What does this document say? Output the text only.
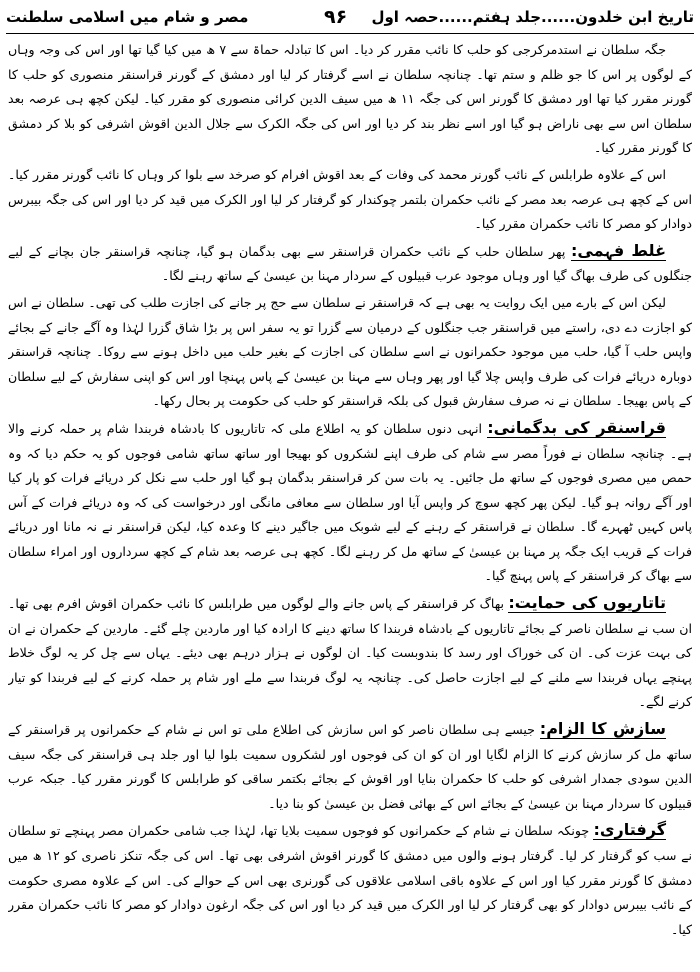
تاریخ ابن خلدون......جلد ہفتم......حصہ اول
۹۶
مصر و شام میں اسلامی سلطنت

جگہ سلطان نے استدمرکرجی کو حلب کا نائب مقرر کر دیا۔ اس کا تبادلہ حماۃ سے ۷ ھ میں کیا گیا تھا اور اس کی وجہ وہاں کے لوگوں پر اس کا جو ظلم و ستم تھا۔ چنانچہ سلطان نے اسے گرفتار کر لیا اور دمشق کے گورنر قراسنقر منصوری کو حلب کا گورنر مقرر کیا تھا اور دمشق کا گورنر اس کی جگہ ۱۱ ھ میں سیف الدین کرائی منصوری کو مقرر کیا۔ لیکن کچھ ہی عرصہ بعد سلطان اس سے بھی ناراض ہو گیا اور اسے نظر بند کر دیا اور اس کی جگہ الکرک سے جلال الدین اقوش اشرفی کو بلا کر دمشق کا گورنر مقرر کیا۔

اس کے علاوہ طرابلس کے نائب گورنر محمد کی وفات کے بعد اقوش افرام کو صرخد سے بلوا کر وہاں کا نائب گورنر مقرر کیا۔ اس کے کچھ ہی عرصہ بعد مصر کے نائب حکمران بلتمر چوکندار کو گرفتار کر لیا اور الکرک میں قید کر دیا اور اس کی جگہ بیبرس دوادار کو مصر کا نائب حکمران مقرر کیا۔

غلط فہمی: پھر سلطان حلب کے نائب حکمران قراسنقر سے بھی بدگمان ہو گیا، چنانچہ قراسنقر جان بچانے کے لیے جنگلوں کی طرف بھاگ گیا اور وہاں موجود عرب قبیلوں کے سردار مہنا بن عیسیٰ کے ساتھ رہنے لگا۔

لیکن اس کے بارے میں ایک روایت یہ بھی ہے کہ قراسنقر نے سلطان سے حج پر جانے کی اجازت طلب کی تھی۔ سلطان نے اس کو اجازت دے دی، راستے میں قراسنقر جب جنگلوں کے درمیان سے گزرا تو یہ سفر اس پر بڑا شاق گزرا لہٰذا وہ آگے جانے کے بجائے واپس حلب آ گیا، حلب میں موجود حکمرانوں نے اسے سلطان کی اجازت کے بغیر حلب میں داخل ہونے سے روکا۔ چنانچہ قراسنقر دوبارہ دریائے فرات کی طرف واپس چلا گیا اور پھر وہاں سے مہنا بن عیسیٰ کے پاس پہنچا اور اس کو اپنی سفارش کے لیے سلطان کے پاس بھیجا۔ سلطان نے نہ صرف سفارش قبول کی بلکہ قراسنقر کو حلب کی حکومت پر بحال رکھا۔

قراسنقر کی بدگمانی: انہی دنوں سلطان کو یہ اطلاع ملی کہ تاتاریوں کا بادشاہ فربندا شام پر حملہ کرنے والا ہے۔ چنانچہ سلطان نے فوراً مصر سے شام کی طرف اپنے لشکروں کو بھیجا اور ساتھ ساتھ شامی فوجوں کو یہ حکم دیا کہ وہ حمص میں مصری فوجوں کے ساتھ مل جائیں۔ یہ بات سن کر قراسنقر بدگمان ہو گیا اور حلب سے نکل کر دریائے فرات کو پار کیا اور آگے روانہ ہو گیا۔ لیکن پھر کچھ سوچ کر واپس آیا اور سلطان سے معافی مانگی اور درخواست کی کہ وہ دریائے فرات کے آس پاس کہیں ٹھہرے گا۔ سلطان نے قراسنقر کے رہنے کے لیے شوبک میں جاگیر دینے کا وعدہ کیا، لیکن قراسنقر نے نہ مانا اور دریائے فرات کے قریب ایک جگہ پر مہنا بن عیسیٰ کے ساتھ مل کر رہنے لگا۔ کچھ ہی عرصہ بعد شام کے کچھ سرداروں اور امراء سلطان سے بھاگ کر قراسنقر کے پاس پہنچ گیا۔

تاتاریوں کی حمایت: بھاگ کر قراسنقر کے پاس جانے والے لوگوں میں طرابلس کا نائب حکمران اقوش افرم بھی تھا۔ ان سب نے سلطان ناصر کے بجائے تاتاریوں کے بادشاہ فربندا کا ساتھ دینے کا ارادہ کیا اور ماردین چلے گئے۔ ماردین کے حکمران نے ان کی بہت عزت کی۔ ان کی خوراک اور رسد کا بندوبست کیا۔ ان لوگوں نے ہزار درہم بھی دیئے۔ یہاں سے چل کر یہ لوگ خلاط پہنچے یہاں فربندا سے ملنے کے لیے اجازت حاصل کی۔ چنانچہ یہ لوگ فربندا سے ملے اور شام پر حملہ کرنے کے لیے فربندا کو تیار کرنے لگے۔

سازش کا الزام: جیسے ہی سلطان ناصر کو اس سازش کی اطلاع ملی تو اس نے شام کے حکمرانوں پر قراسنقر کے ساتھ مل کر سازش کرنے کا الزام لگایا اور ان کو ان کی فوجوں اور لشکروں سمیت بلوا لیا اور جلد ہی قراسنقر کی جگہ سیف الدین سودی جمدار اشرفی کو حلب کا حکمران بنایا اور اقوش کے بجائے بکتمر ساقی کو طرابلس کا گورنر مقرر کیا۔ جبکہ عرب قبیلوں کا سردار مہنا بن عیسیٰ کے بجائے اس کے بھائی فضل بن عیسیٰ کو بنا دیا۔

گرفتاری: چونکہ سلطان نے شام کے حکمرانوں کو فوجوں سمیت بلایا تھا، لہٰذا جب شامی حکمران مصر پہنچے تو سلطان نے سب کو گرفتار کر لیا۔ گرفتار ہونے والوں میں دمشق کا گورنر اقوش اشرفی بھی تھا۔ اس کی جگہ تنکز ناصری کو ۱۲ ھ میں دمشق کا گورنر مقرر کیا اور اس کے علاوہ باقی اسلامی علاقوں کی گورنری بھی اس کے حوالے کی۔ اس کے علاوہ مصری حکومت کے نائب بیبرس دوادار کو بھی گرفتار کر لیا اور الکرک میں قید کر دیا اور اس کی جگہ ارغون دوادار کو مصر کا نائب حکمران مقرر کیا۔
